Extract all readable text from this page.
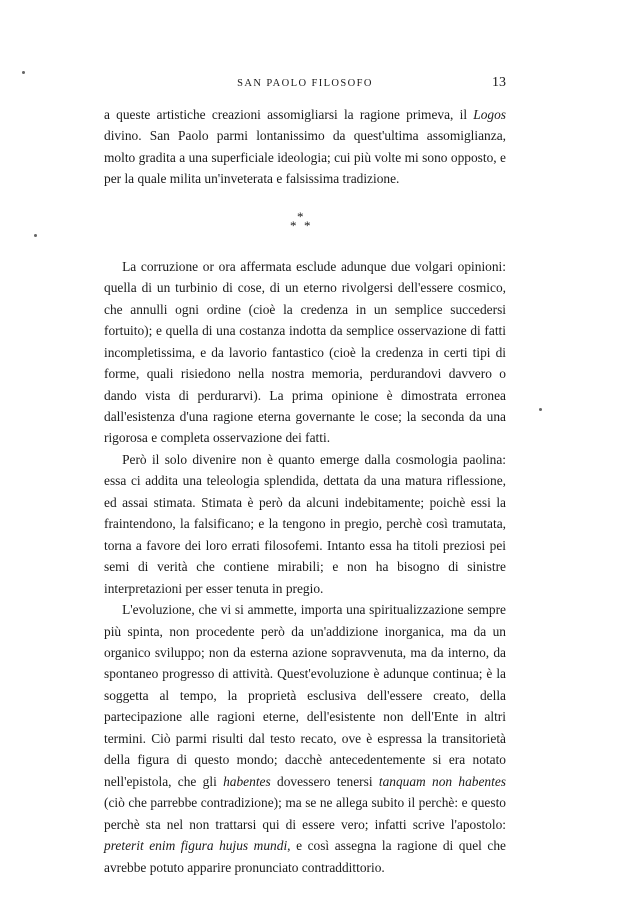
SAN PAOLO FILOSOFO	13

a queste artistiche creazioni assomigliarsi la ragione primeva, il Logos divino. San Paolo parmi lontanissimo da quest'ultima assomiglianza, molto gradita a una superficiale ideologia; cui più volte mi sono opposto, e per la quale milita un'inveterata e falsissima tradizione.

*
* *

La corruzione or ora affermata esclude adunque due volgari opinioni: quella di un turbinio di cose, di un eterno rivolgersi dell'essere cosmico, che annulli ogni ordine (cioè la credenza in un semplice succedersi fortuito); e quella di una costanza indotta da semplice osservazione di fatti incompletissima, e da lavorio fantastico (cioè la credenza in certi tipi di forme, quali risiedono nella nostra memoria, perdurandovi davvero o dando vista di perdurarvi). La prima opinione è dimostrata erronea dall'esistenza d'una ragione eterna governante le cose; la seconda da una rigorosa e completa osservazione dei fatti.

Però il solo divenire non è quanto emerge dalla cosmologia paolina: essa ci addita una teleologia splendida, dettata da una matura riflessione, ed assai stimata. Stimata è però da alcuni indebitamente; poichè essi la fraintendono, la falsificano; e la tengono in pregio, perchè così tramutata, torna a favore dei loro errati filosofemi. Intanto essa ha titoli preziosi pei semi di verità che contiene mirabili; e non ha bisogno di sinistre interpretazioni per esser tenuta in pregio.

L'evoluzione, che vi si ammette, importa una spiritualizzazione sempre più spinta, non procedente però da un'addizione inorganica, ma da un organico sviluppo; non da esterna azione sopravvenuta, ma da interno, da spontaneo progresso di attività. Quest'evoluzione è adunque continua; è la soggetta al tempo, la proprietà esclusiva dell'essere creato, della partecipazione alle ragioni eterne, dell'esistente non dell'Ente in altri termini. Ciò parmi risulti dal testo recato, ove è espressa la transitorietà della figura di questo mondo; dacchè antecedentemente si era notato nell'epistola, che gli habentes dovessero tenersi tanquam non habentes (ciò che parrebbe contradizione); ma se ne allega subito il perchè: e questo perchè sta nel non trattarsi qui di essere vero; infatti scrive l'apostolo: preterit enim figura hujus mundi, e così assegna la ragione di quel che avrebbe potuto apparire pronunciato contraddittorio.
